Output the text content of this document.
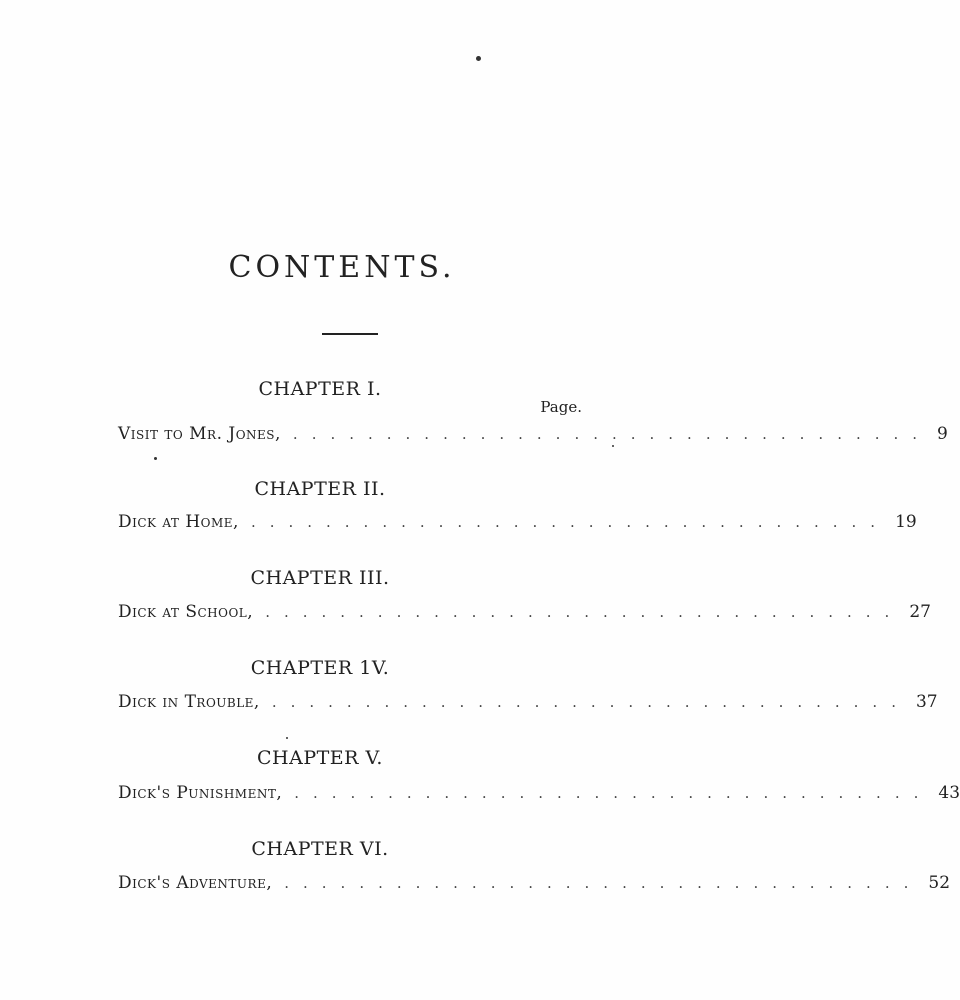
CONTENTS.
Page.
CHAPTER I.
Visit to Mr. Jones, .................................. 9
CHAPTER II.
Dick at Home, .................................. 19
CHAPTER III.
Dick at School, .................................. 27
CHAPTER 1V.
Dick in Trouble, .................................. 37
CHAPTER V.
Dick's Punishment, .................................. 43
CHAPTER VI.
Dick's Adventure, .................................. 52
